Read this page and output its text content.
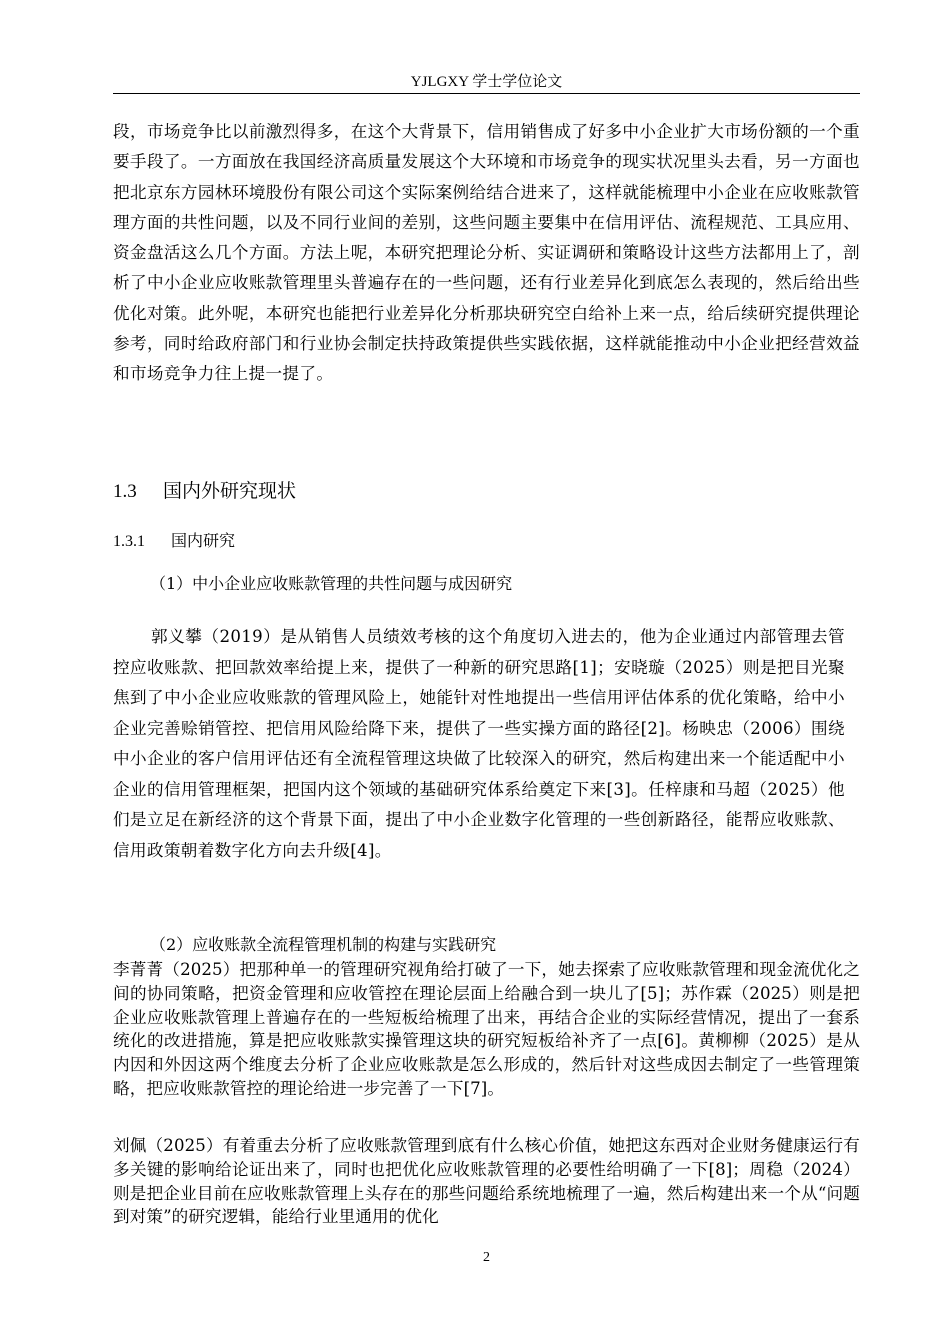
YJLGXY 学士学位论文

段，市场竞争比以前激烈得多，在这个大背景下，信用销售成了好多中小企业扩大市场份额的一个重要手段了。一方面放在我国经济高质量发展这个大环境和市场竞争的现实状况里头去看，另一方面也把北京东方园林环境股份有限公司这个实际案例给结合进来了，这样就能梳理中小企业在应收账款管理方面的共性问题，以及不同行业间的差别，这些问题主要集中在信用评估、流程规范、工具应用、资金盘活这么几个方面。方法上呢，本研究把理论分析、实证调研和策略设计这些方法都用上了，剖析了中小企业应收账款管理里头普遍存在的一些问题，还有行业差异化到底怎么表现的，然后给出些优化对策。此外呢，本研究也能把行业差异化分析那块研究空白给补上来一点，给后续研究提供理论参考，同时给政府部门和行业协会制定扶持政策提供些实践依据，这样就能推动中小企业把经营效益和市场竞争力往上提一提了。

1.3 国内外研究现状
1.3.1 国内研究

（1）中小企业应收账款管理的共性问题与成因研究

郭义攀（2019）是从销售人员绩效考核的这个角度切入进去的，他为企业通过内部管理去管控应收账款、把回款效率给提上来，提供了一种新的研究思路[1]；安晓璇（2025）则是把目光聚焦到了中小企业应收账款的管理风险上，她能针对性地提出一些信用评估体系的优化策略，给中小企业完善赊销管控、把信用风险给降下来，提供了一些实操方面的路径[2]。杨映忠（2006）围绕中小企业的客户信用评估还有全流程管理这块做了比较深入的研究，然后构建出来一个能适配中小企业的信用管理框架，把国内这个领域的基础研究体系给奠定下来[3]。任梓康和马超（2025）他们是立足在新经济的这个背景下面，提出了中小企业数字化管理的一些创新路径，能帮应收账款、信用政策朝着数字化方向去升级[4]。

（2）应收账款全流程管理机制的构建与实践研究

李菁菁（2025）把那种单一的管理研究视角给打破了一下，她去探索了应收账款管理和现金流优化之间的协同策略，把资金管理和应收管控在理论层面上给融合到一块儿了[5]；苏作霖（2025）则是把企业应收账款管理上普遍存在的一些短板给梳理了出来，再结合企业的实际经营情况，提出了一套系统化的改进措施，算是把应收账款实操管理这块的研究短板给补齐了一点[6]。黄柳柳（2025）是从内因和外因这两个维度去分析了企业应收账款是怎么形成的，然后针对这些成因去制定了一些管理策略，把应收账款管控的理论给进一步完善了一下[7]。

刘佩（2025）有着重去分析了应收账款管理到底有什么核心价值，她把这东西对企业财务健康运行有多关键的影响给论证出来了，同时也把优化应收账款管理的必要性给明确了一下[8]；周稳（2024）则是把企业目前在应收账款管理上头存在的那些问题给系统地梳理了一遍，然后构建出来一个从“问题到对策”的研究逻辑，能给行业里通用的优化

2
